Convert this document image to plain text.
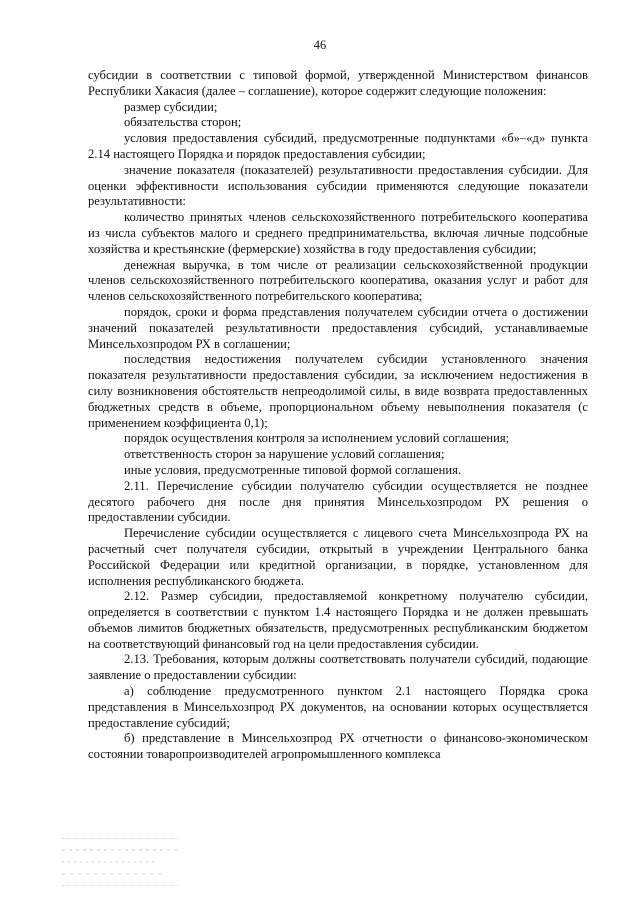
46

субсидии в соответствии с типовой формой, утвержденной Министерством финансов Республики Хакасия (далее – соглашение), которое содержит следующие положения:

размер субсидии;

обязательства сторон;

условия предоставления субсидий, предусмотренные подпунктами «б»–«д» пункта 2.14 настоящего Порядка и порядок предоставления субсидии;

значение показателя (показателей) результативности предоставления субсидии. Для оценки эффективности использования субсидии применяются следующие показатели результативности:

количество принятых членов сельскохозяйственного потребительского кооператива из числа субъектов малого и среднего предпринимательства, включая личные подсобные хозяйства и крестьянские (фермерские) хозяйства в году предоставления субсидии;

денежная выручка, в том числе от реализации сельскохозяйственной продукции членов сельскохозяйственного потребительского кооператива, оказания услуг и работ для членов сельскохозяйственного потребительского кооператива;

порядок, сроки и форма представления получателем субсидии отчета о достижении значений показателей результативности предоставления субсидий, устанавливаемые Минсельхозпродом РХ в соглашении;

последствия недостижения получателем субсидии установленного значения показателя результативности предоставления субсидии, за исключением недостижения в силу возникновения обстоятельств непреодолимой силы, в виде возврата предоставленных бюджетных средств в объеме, пропорциональном объему невыполнения показателя (с применением коэффициента 0,1);

порядок осуществления контроля за исполнением условий соглашения;

ответственность сторон за нарушение условий соглашения;

иные условия, предусмотренные типовой формой соглашения.

2.11. Перечисление субсидии получателю субсидии осуществляется не позднее десятого рабочего дня после дня принятия Минсельхозпродом РХ решения о предоставлении субсидии.

Перечисление субсидии осуществляется с лицевого счета Минсельхозпрода РХ на расчетный счет получателя субсидии, открытый в учреждении Центрального банка Российской Федерации или кредитной организации, в порядке, установленном для исполнения республиканского бюджета.

2.12. Размер субсидии, предоставляемой конкретному получателю субсидии, определяется в соответствии с пунктом 1.4 настоящего Порядка и не должен превышать объемов лимитов бюджетных обязательств, предусмотренных республиканским бюджетом на соответствующий финансовый год на цели предоставления субсидии.

2.13. Требования, которым должны соответствовать получатели субсидий, подающие заявление о предоставлении субсидии:

а) соблюдение предусмотренного пунктом 2.1 настоящего Порядка срока представления в Минсельхозпрод РХ документов, на основании которых осуществляется предоставление субсидий;

б) представление в Минсельхозпрод РХ отчетности о финансово-экономическом состоянии товаропроизводителей агропромышленного комплекса
